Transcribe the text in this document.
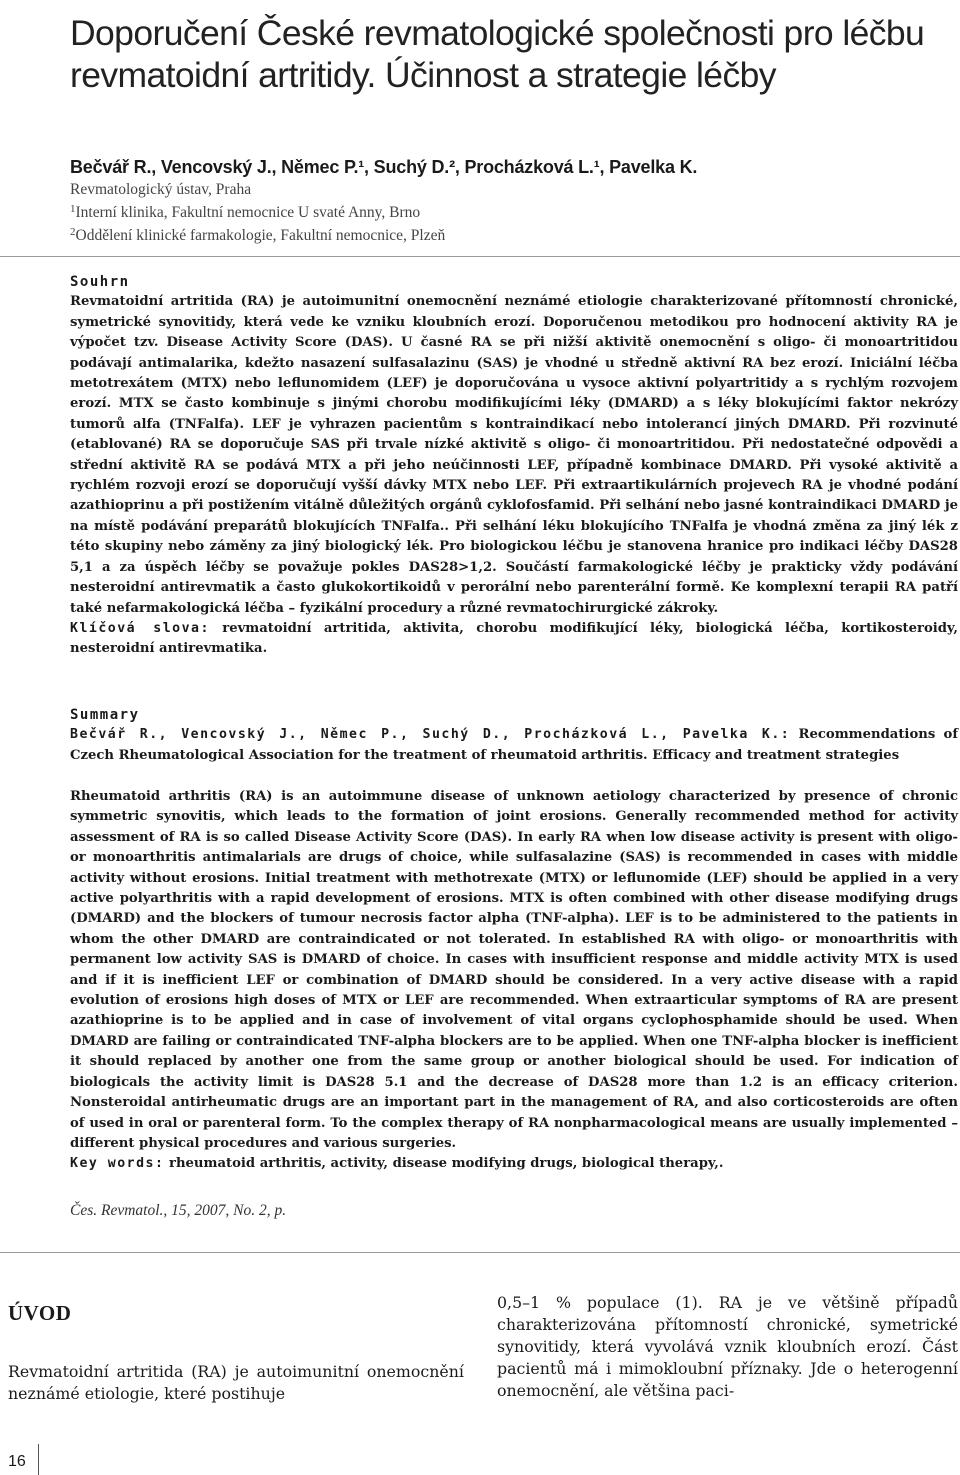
Doporučení České revmatologické společnosti pro léčbu revmatoidní artritidy. Účinnost a strategie léčby
Bečvář R., Vencovský J., Němec P.¹, Suchý D.², Procházková L.¹, Pavelka K.
Revmatologický ústav, Praha
$^1$Interní klinika, Fakultní nemocnice U svaté Anny, Brno
$^2$Oddělení klinické farmakologie, Fakultní nemocnice, Plzeň
Souhrn
Revmatoidní artritida (RA) je autoimunitní onemocnění neznámé etiologie charakterizované přítomností chronické, symetrické synovitidy, která vede ke vzniku kloubních erozí. Doporučenou metodikou pro hodnocení aktivity RA je výpočet tzv. Disease Activity Score (DAS). U časné RA se při nižší aktivitě onemocnění s oligo- či monoartritidou podávají antimalarika, kdežto nasazení sulfasalazinu (SAS) je vhodné u středně aktivní RA bez erozí. Iniciální léčba metotrexátem (MTX) nebo leflunomidem (LEF) je doporučována u vysoce aktivní polyartritidy a s rychlým rozvojem erozí. MTX se často kombinuje s jinými chorobu modifikujícími léky (DMARD) a s léky blokujícími faktor nekrózy tumorů alfa (TNFalfa). LEF je vyhrazen pacientům s kontraindikací nebo intolerancí jiných DMARD. Při rozvinuté (etablované) RA se doporučuje SAS při trvale nízké aktivitě s oligo- či monoartritidou. Při nedostatečné odpovědi a střední aktivitě RA se podává MTX a při jeho neúčinnosti LEF, případně kombinace DMARD. Při vysoké aktivitě a rychlém rozvoji erozí se doporučují vyšší dávky MTX nebo LEF. Při extraartikulárních projevech RA je vhodné podání azathioprinu a při postižením vitálně důležitých orgánů cyklofosfamid. Při selhání nebo jasné kontraindikaci DMARD je na místě podávání preparátů blokujících TNFalfa.. Při selhání léku blokujícího TNFalfa je vhodná změna za jiný lék z této skupiny nebo záměny za jiný biologický lék. Pro biologickou léčbu je stanovena hranice pro indikaci léčby DAS28 5,1 a za úspěch léčby se považuje pokles DAS28>1,2. Součástí farmakologické léčby je prakticky vždy podávání nesteroidní antirevmatik a často glukokortikoidů v perorální nebo parenterální formě. Ke komplexní terapii RA patří také nefarmakologická léčba – fyzikální procedury a různé revmatochirurgické zákroky.
Klíčová slova: revmatoidní artritida, aktivita, chorobu modifikující léky, biologická léčba, kortikosteroidy, nesteroidní antirevmatika.
Summary
Bečvář R., Vencovský J., Němec P., Suchý D., Procházková L., Pavelka K.: Recommendations of Czech Rheumatological Association for the treatment of rheumatoid arthritis. Efficacy and treatment strategies
Rheumatoid arthritis (RA) is an autoimmune disease of unknown aetiology characterized by presence of chronic symmetric synovitis, which leads to the formation of joint erosions. Generally recommended method for activity assessment of RA is so called Disease Activity Score (DAS). In early RA when low disease activity is present with oligo- or monoarthritis antimalarials are drugs of choice, while sulfasalazine (SAS) is recommended in cases with middle activity without erosions. Initial treatment with methotrexate (MTX) or leflunomide (LEF) should be applied in a very active polyarthritis with a rapid development of erosions. MTX is often combined with other disease modifying drugs (DMARD) and the blockers of tumour necrosis factor alpha (TNF-alpha). LEF is to be administered to the patients in whom the other DMARD are contraindicated or not tolerated. In established RA with oligo- or monoarthritis with permanent low activity SAS is DMARD of choice. In cases with insufficient response and middle activity MTX is used and if it is inefficient LEF or combination of DMARD should be considered. In a very active disease with a rapid evolution of erosions high doses of MTX or LEF are recommended. When extraarticular symptoms of RA are present azathioprine is to be applied and in case of involvement of vital organs cyclophosphamide should be used. When DMARD are failing or contraindicated TNF-alpha blockers are to be applied. When one TNF-alpha blocker is inefficient it should replaced by another one from the same group or another biological should be used. For indication of biologicals the activity limit is DAS28 5.1 and the decrease of DAS28 more than 1.2 is an efficacy criterion. Nonsteroidal antirheumatic drugs are an important part in the management of RA, and also corticosteroids are often of used in oral or parenteral form. To the complex therapy of RA nonpharmacological means are usually implemented – different physical procedures and various surgeries.
Key words: rheumatoid arthritis, activity, disease modifying drugs, biological therapy,.
Čes. Revmatol., 15, 2007, No. 2, p.
ÚVOD
Revmatoidní artritida (RA) je autoimunitní onemocnění neznámé etiologie, které postihuje
0,5–1 % populace (1). RA je ve většině případů charakterizována přítomností chronické, symetrické synovitidy, která vyvolává vznik kloubních erozí. Část pacientů má i mimokloubní příznaky. Jde o heterogenní onemocnění, ale většina paci-
16
